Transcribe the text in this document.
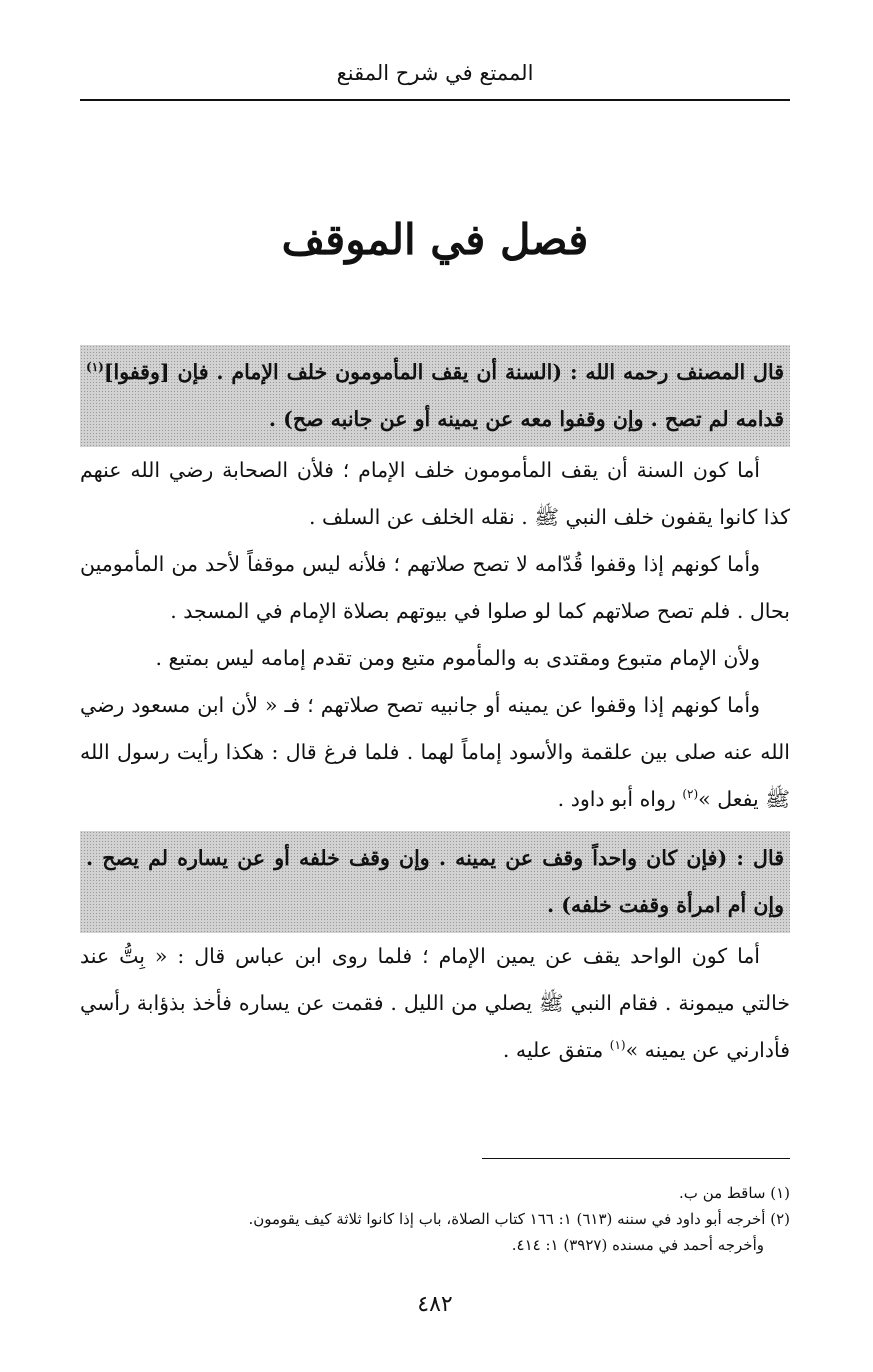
الممتع في شرح المقنع
فصل في الموقف

قال المصنف رحمه الله : (السنة أن يقف المأمومون خلف الإمام . فإن [وقفوا]$^{(١)}$ قدامه لم تصح . وإن وقفوا معه عن يمينه أو عن جانبه صح) .

أما كون السنة أن يقف المأمومون خلف الإمام ؛ فلأن الصحابة رضي الله عنهم كذا كانوا يقفون خلف النبي ﷺ . نقله الخلف عن السلف .

وأما كونهم إذا وقفوا قُدّامه لا تصح صلاتهم ؛ فلأنه ليس موقفاً لأحد من المأمومين بحال . فلم تصح صلاتهم كما لو صلوا في بيوتهم بصلاة الإمام في المسجد .

ولأن الإمام متبوع ومقتدى به والمأموم متبع ومن تقدم إمامه ليس بمتبع .

وأما كونهم إذا وقفوا عن يمينه أو جانبيه تصح صلاتهم ؛ فـ « لأن ابن مسعود رضي الله عنه صلى بين علقمة والأسود إماماً لهما . فلما فرغ قال : هكذا رأيت رسول الله ﷺ يفعل »$^{(٢)}$ رواه أبو داود .

قال : (فإن كان واحداً وقف عن يمينه . وإن وقف خلفه أو عن يساره لم يصح . وإن أم امرأة وقفت خلفه) .

أما كون الواحد يقف عن يمين الإمام ؛ فلما روى ابن عباس قال : « بِتُّ عند خالتي ميمونة . فقام النبي ﷺ يصلي من الليل . فقمت عن يساره فأخذ بذؤابة رأسي فأدارني عن يمينه »$^{(١)}$ متفق عليه .

(١) ساقط من ب.
(٢) أخرجه أبو داود في سننه (٦١٣) ١: ١٦٦ كتاب الصلاة، باب إذا كانوا ثلاثة كيف يقومون.
وأخرجه أحمد في مسنده (٣٩٢٧) ١: ٤١٤.
٤٨٢
